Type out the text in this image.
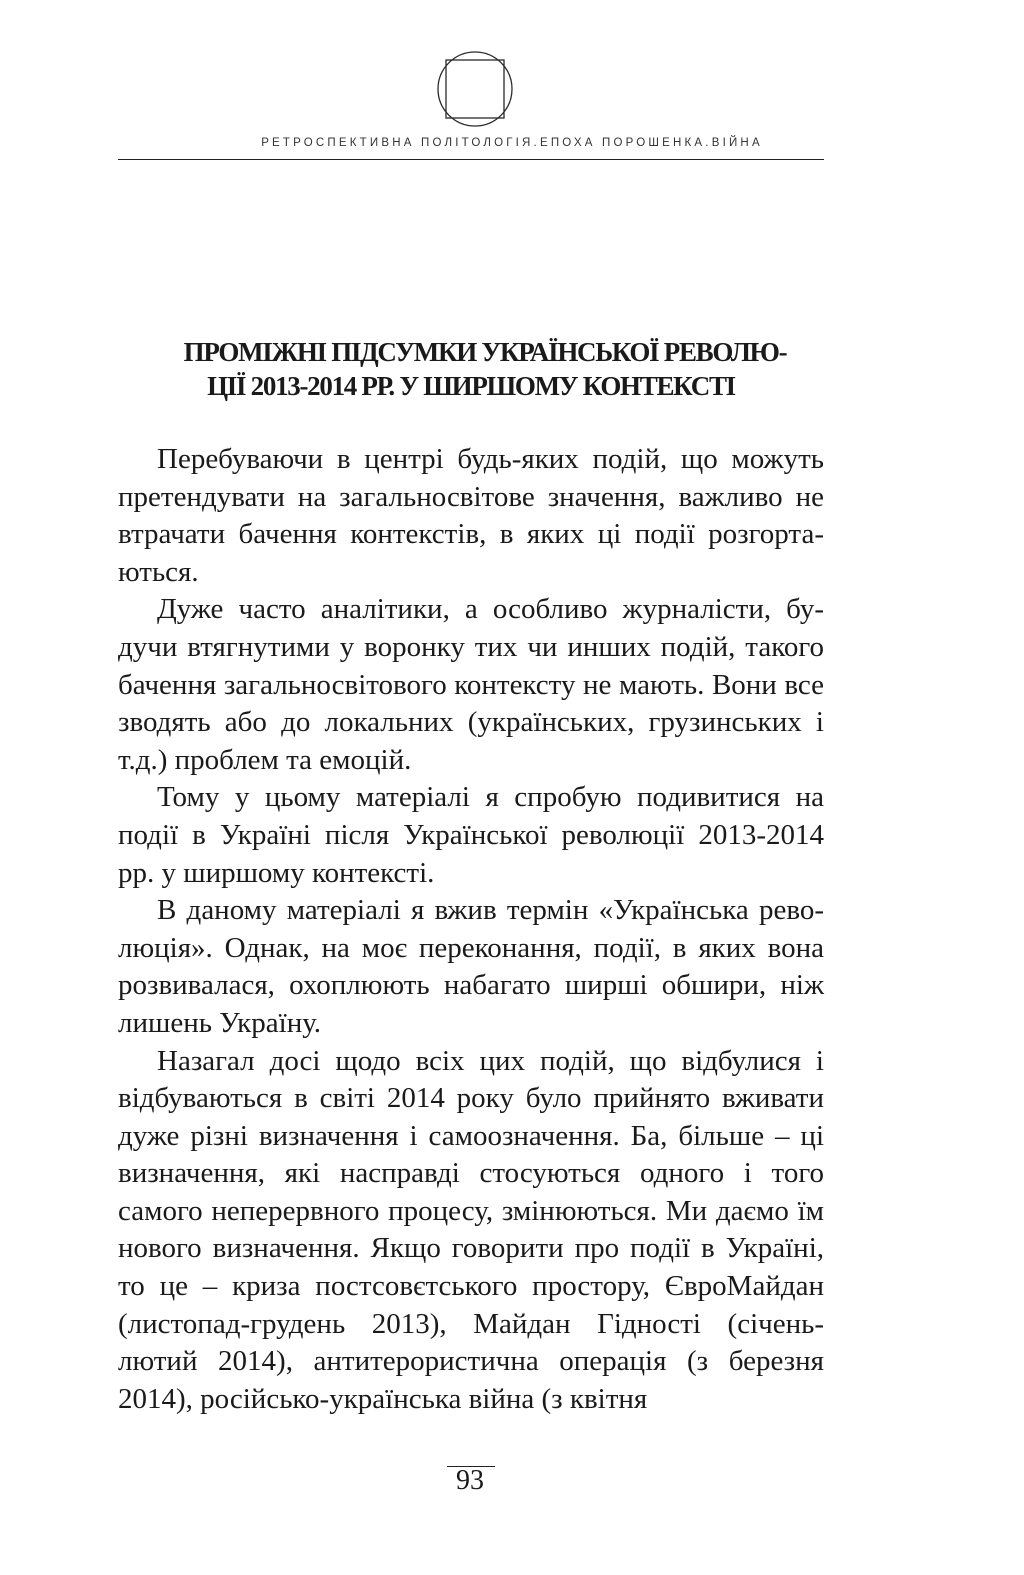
РЕТРОСПЕКТИВНА ПОЛІТОЛОГІЯ.ЕПОХА ПОРОШЕНКА.ВІЙНА
ПРОМІЖНІ ПІДСУМКИ УКРАЇНСЬКОЇ РЕВОЛЮ-
ЦІЇ 2013-2014 РР. У ШИРШОМУ КОНТЕКСТІ

Перебуваючи в центрі будь-яких подій, що можуть претендувати на загальносвітове значення, важливо не втрачати бачення контекстів, в яких ці події розгортаються.

Дуже часто аналітики, а особливо журналісти, будучи втягнутими у воронку тих чи инших подій, такого бачення загальносвітового контексту не мають. Вони все зводять або до локальних (українських, грузинських і т.д.) проблем та емоцій.

Тому у цьому матеріалі я спробую подивитися на події в Україні після Української революції 2013-2014 рр. у ширшому контексті.

В даному матеріалі я вжив термін «Українська революція». Однак, на моє переконання, події, в яких вона розвивалася, охоплюють набагато ширші обшири, ніж лишень Україну.

Назагал досі щодо всіх цих подій, що відбулися і відбуваються в світі 2014 року було прийнято вживати дуже різні визначення і самоозначення. Ба, більше – ці визначення, які насправді стосуються одного і того самого неперервного процесу, змінюються. Ми даємо їм нового визначення. Якщо говорити про події в Україні, то це – криза постсовєтського простору, ЄвроМайдан (листопад-грудень 2013), Майдан Гідності (січень-лютий 2014), антитерористична операція (з березня 2014), російсько-українська війна (з квітня

93
